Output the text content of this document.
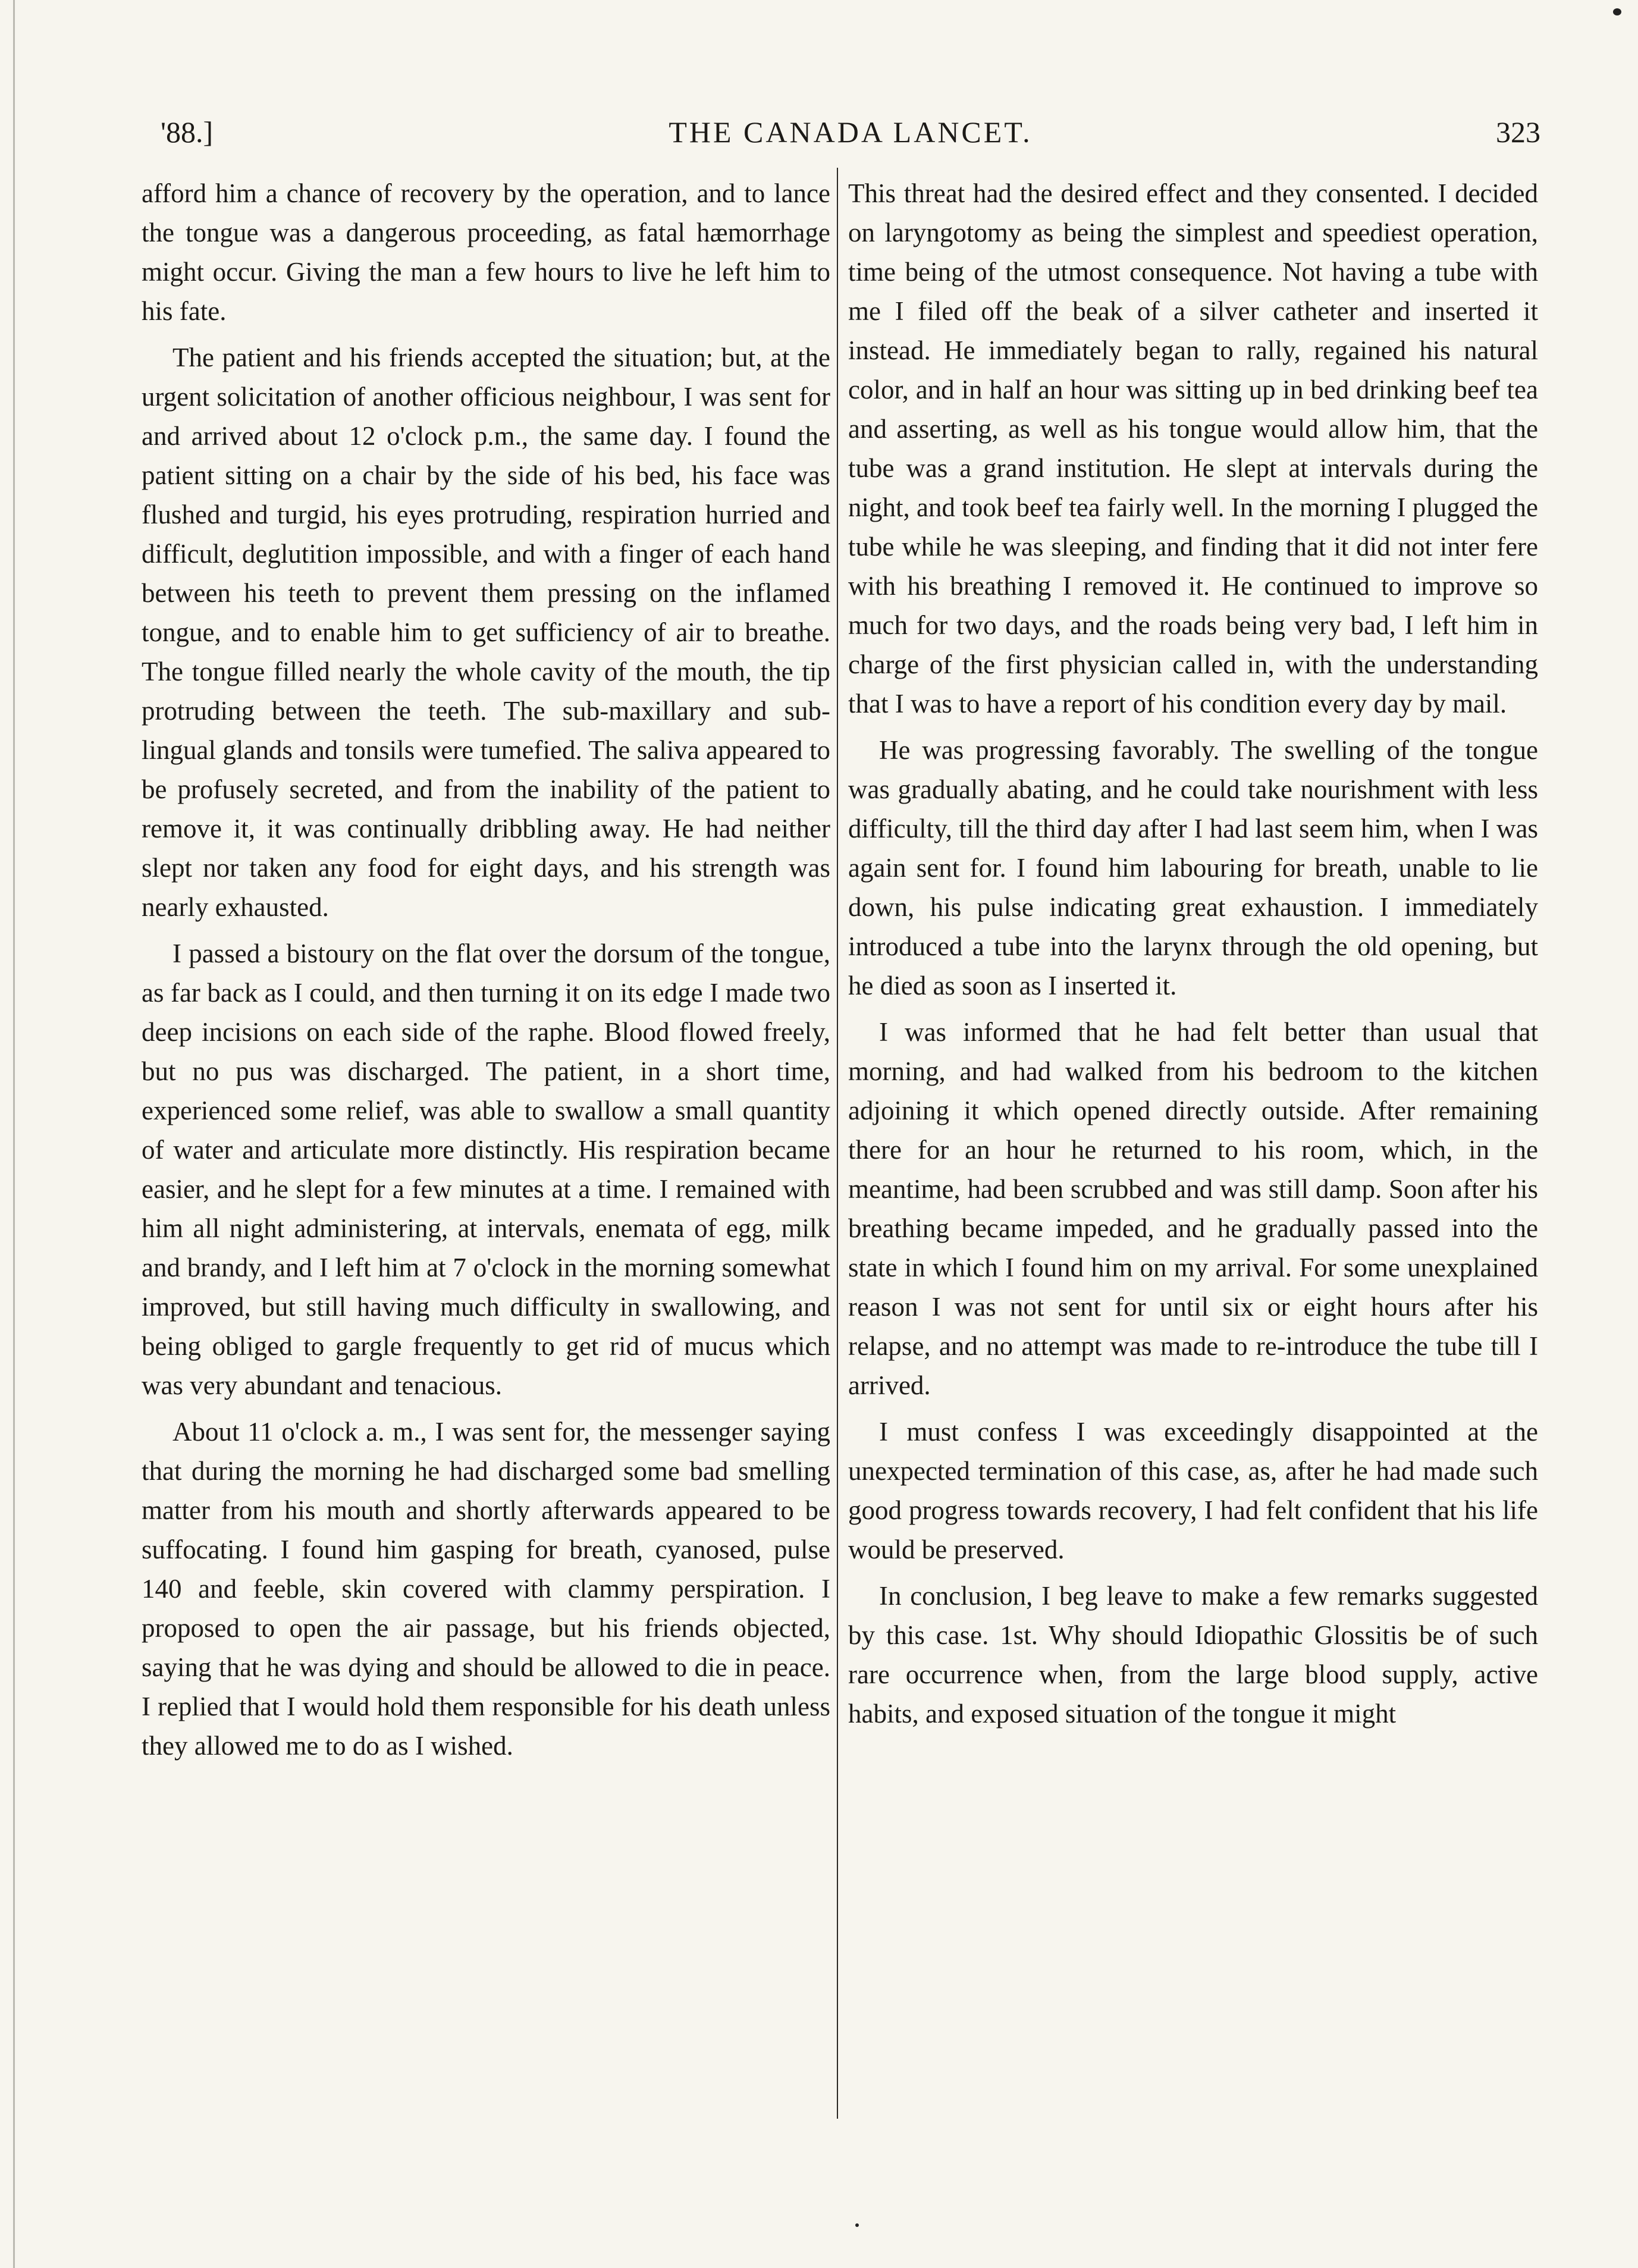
'88.]	THE CANADA LANCET.	323

afford him a chance of recovery by the operation, and to lance the tongue was a dangerous proceeding, as fatal hæmorrhage might occur. Giving the man a few hours to live he left him to his fate.

The patient and his friends accepted the situation; but, at the urgent solicitation of another officious neighbour, I was sent for and arrived about 12 o'clock p.m., the same day. I found the patient sitting on a chair by the side of his bed, his face was flushed and turgid, his eyes protruding, respiration hurried and difficult, deglutition impossible, and with a finger of each hand between his teeth to prevent them pressing on the inflamed tongue, and to enable him to get sufficiency of air to breathe. The tongue filled nearly the whole cavity of the mouth, the tip protruding between the teeth. The sub-maxillary and sub-lingual glands and tonsils were tumefied. The saliva appeared to be profusely secreted, and from the inability of the patient to remove it, it was continually dribbling away. He had neither slept nor taken any food for eight days, and his strength was nearly exhausted.

I passed a bistoury on the flat over the dorsum of the tongue, as far back as I could, and then turning it on its edge I made two deep incisions on each side of the raphe. Blood flowed freely, but no pus was discharged. The patient, in a short time, experienced some relief, was able to swallow a small quantity of water and articulate more distinctly. His respiration became easier, and he slept for a few minutes at a time. I remained with him all night administering, at intervals, enemata of egg, milk and brandy, and I left him at 7 o'clock in the morning somewhat improved, but still having much difficulty in swallowing, and being obliged to gargle frequently to get rid of mucus which was very abundant and tenacious.

About 11 o'clock a. m., I was sent for, the messenger saying that during the morning he had discharged some bad smelling matter from his mouth and shortly afterwards appeared to be suffocating. I found him gasping for breath, cyanosed, pulse 140 and feeble, skin covered with clammy perspiration. I proposed to open the air passage, but his friends objected, saying that he was dying and should be allowed to die in peace. I replied that I would hold them responsible for his death unless they allowed me to do as I wished.

This threat had the desired effect and they consented. I decided on laryngotomy as being the simplest and speediest operation, time being of the utmost consequence. Not having a tube with me I filed off the beak of a silver catheter and inserted it instead. He immediately began to rally, regained his natural color, and in half an hour was sitting up in bed drinking beef tea and asserting, as well as his tongue would allow him, that the tube was a grand institution. He slept at intervals during the night, and took beef tea fairly well. In the morning I plugged the tube while he was sleeping, and finding that it did not inter fere with his breathing I removed it. He continued to improve so much for two days, and the roads being very bad, I left him in charge of the first physician called in, with the understanding that I was to have a report of his condition every day by mail.

He was progressing favorably. The swelling of the tongue was gradually abating, and he could take nourishment with less difficulty, till the third day after I had last seem him, when I was again sent for. I found him labouring for breath, unable to lie down, his pulse indicating great exhaustion. I immediately introduced a tube into the larynx through the old opening, but he died as soon as I inserted it.

I was informed that he had felt better than usual that morning, and had walked from his bedroom to the kitchen adjoining it which opened directly outside. After remaining there for an hour he returned to his room, which, in the meantime, had been scrubbed and was still damp. Soon after his breathing became impeded, and he gradually passed into the state in which I found him on my arrival. For some unexplained reason I was not sent for until six or eight hours after his relapse, and no attempt was made to re-introduce the tube till I arrived.

I must confess I was exceedingly disappointed at the unexpected termination of this case, as, after he had made such good progress towards recovery, I had felt confident that his life would be preserved.

In conclusion, I beg leave to make a few remarks suggested by this case. 1st. Why should Idiopathic Glossitis be of such rare occurrence when, from the large blood supply, active habits, and exposed situation of the tongue it might
